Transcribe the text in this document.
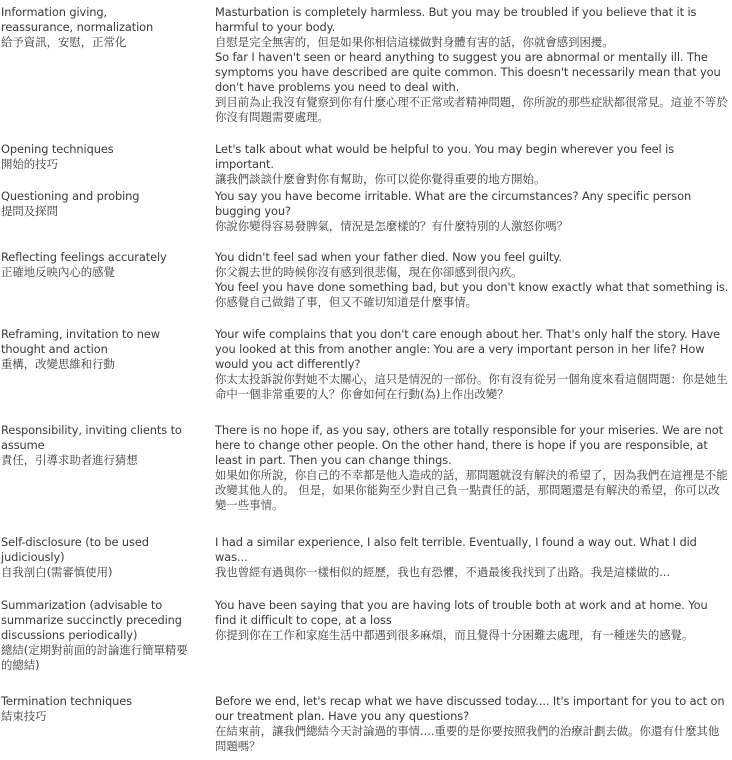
Information giving, reassurance, normalization
給予資訊，安慰，正常化
Masturbation is completely harmless. But you may be troubled if you believe that it is harmful to your body.
自慰是完全無害的，但是如果你相信這樣做對身體有害的話，你就會感到困擾。
So far I haven't seen or heard anything to suggest you are abnormal or mentally ill. The symptoms you have described are quite common. This doesn't necessarily mean that you don't have problems you need to deal with.
到目前為止我沒有覺察到你有什麼心理不正常或者精神問題，你所說的那些症狀都很常見。這並不等於你沒有問題需要處理。
Opening techniques
開始的技巧
Let's talk about what would be helpful to you. You may begin wherever you feel is important.
讓我們談談什麼會對你有幫助，你可以從你覺得重要的地方開始。
Questioning and probing
提問及探問
You say you have become irritable. What are the circumstances? Any specific person bugging you?
你說你變得容易發脾氣，情況是怎麼樣的？有什麼特別的人激怒你嗎？
Reflecting feelings accurately
正確地反映內心的感覺
You didn't feel sad when your father died. Now you feel guilty.
你父親去世的時候你沒有感到很悲傷，現在你卻感到很內疚。
You feel you have done something bad, but you don't know exactly what that something is.
你感覺自己做錯了事，但又不確切知道是什麼事情。
Reframing, invitation to new thought and action
重構，改變思維和行動
Your wife complains that you don't care enough about her. That's only half the story. Have you looked at this from another angle: You are a very important person in her life? How would you act differently?
你太太投訴說你對她不太關心，這只是情況的一部份。你有沒有從另一個角度來看這個問題：你是她生命中一個非常重要的人？你會如何在行動(為)上作出改變？
Responsibility, inviting clients to assume
責任，引導求助者進行猜想
There is no hope if, as you say, others are totally responsible for your miseries. We are not here to change other people. On the other hand, there is hope if you are responsible, at least in part. Then you can change things.
如果如你所說，你自己的不幸都是他人造成的話，那問題就沒有解決的希望了，因為我們在這裡是不能改變其他人的。 但是，如果你能夠至少對自己負一點責任的話，那問題還是有解決的希望，你可以改變一些事情。
Self-disclosure (to be used judiciously)
自我剖白(需審慎使用)
I had a similar experience, I also felt terrible. Eventually, I found a way out. What I did was...
我也曾經有過與你一樣相似的經歷，我也有恐懼，不過最後我找到了出路。我是這樣做的...
Summarization (advisable to summarize succinctly preceding discussions periodically)
總結(定期對前面的討論進行簡單精要的總結)
You have been saying that you are having lots of trouble both at work and at home. You find it difficult to cope, at a loss
你提到你在工作和家庭生活中都遇到很多麻煩，而且覺得十分困難去處理，有一種迷失的感覺。
Termination techniques
結束技巧
Before we end, let's recap what we have discussed today.... It's important for you to act on our treatment plan. Have you any questions?
在結束前，讓我們總結今天討論過的事情....重要的是你要按照我們的治療計劃去做。你還有什麼其他問題嗎？
